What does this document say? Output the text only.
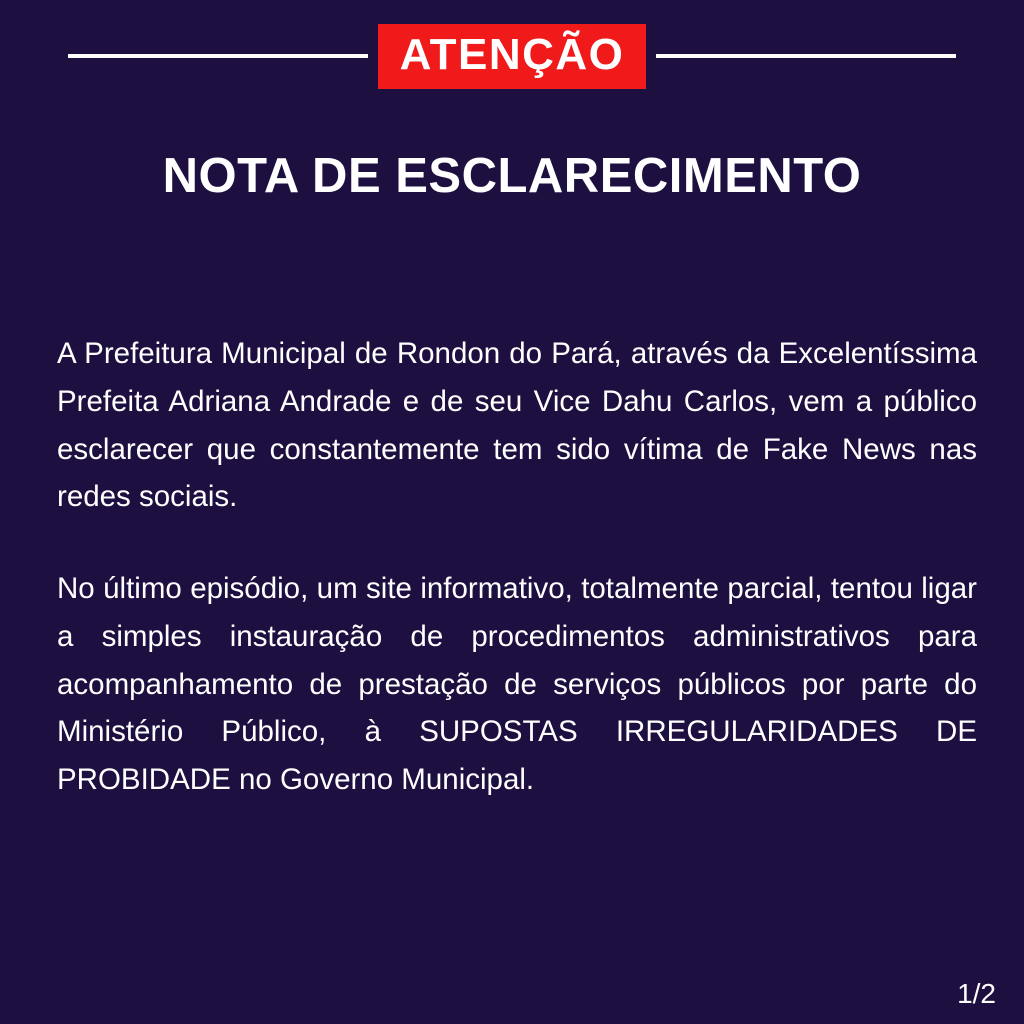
ATENÇÃO
NOTA DE ESCLARECIMENTO

A Prefeitura Municipal de Rondon do Pará, através da Excelentíssima Prefeita Adriana Andrade e de seu Vice Dahu Carlos, vem a público esclarecer que constantemente tem sido vítima de Fake News nas redes sociais.

No último episódio, um site informativo, totalmente parcial, tentou ligar a simples instauração de procedimentos administrativos para acompanhamento de prestação de serviços públicos por parte do Ministério Público, à SUPOSTAS IRREGULARIDADES DE PROBIDADE no Governo Municipal.

1/2
